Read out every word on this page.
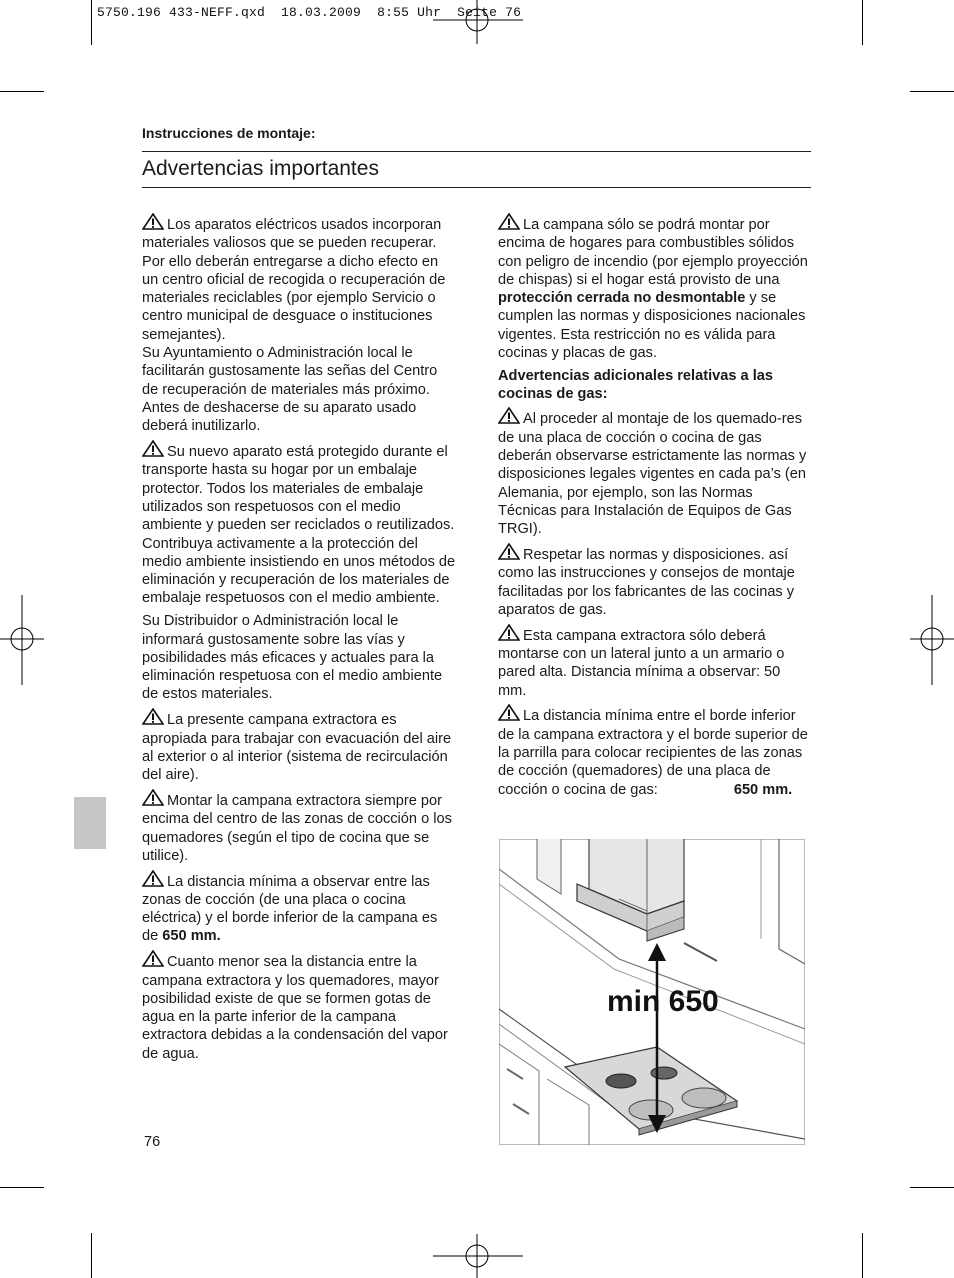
5750.196 433-NEFF.qxd 18.03.2009 8:55 Uhr Seite 76
Instrucciones de montaje:
Advertencias importantes

Los aparatos eléctricos usados incorporan materiales valiosos que se pueden recuperar. Por ello deberán entregarse a dicho efecto en un centro oficial de recogida o recuperación de materiales reciclables (por ejemplo Servicio o centro municipal de desguace o instituciones semejantes).

Su Ayuntamiento o Administración local le facilitarán gustosamente las señas del Centro de recuperación de materiales más próximo.

Antes de deshacerse de su aparato usado deberá inutilizarlo.

Su nuevo aparato está protegido durante el transporte hasta su hogar por un embalaje protector. Todos los materiales de embalaje utilizados son respetuosos con el medio ambiente y pueden ser reciclados o reutilizados. Contribuya activamente a la protección del medio ambiente insistiendo en unos métodos de eliminación y recuperación de los materiales de embalaje respetuosos con el medio ambiente.

Su Distribuidor o Administración local le informará gustosamente sobre las vías y posibilidades más eficaces y actuales para la eliminación respetuosa con el medio ambiente de estos materiales.

La presente campana extractora es apropiada para trabajar con evacuación del aire al exterior o al interior (sistema de recirculación del aire).

Montar la campana extractora siempre por encima del centro de las zonas de cocción o los quemadores (según el tipo de cocina que se utilice).

La distancia mínima a observar entre las zonas de cocción (de una placa o cocina eléctrica) y el borde inferior de la campana es de 650 mm.

Cuanto menor sea la distancia entre la campana extractora y los quemadores, mayor posibilidad existe de que se formen gotas de agua en la parte inferior de la campana extractora debidas a la condensación del vapor de agua.

La campana sólo se podrá montar por encima de hogares para combustibles sólidos con peligro de incendio (por ejemplo proyección de chispas) si el hogar está provisto de una protección cerrada no desmontable y se cumplen las normas y disposiciones nacionales vigentes. Esta restricción no es válida para cocinas y placas de gas.

Advertencias adicionales relativas a las cocinas de gas:

Al proceder al montaje de los quemado-res de una placa de cocción o cocina de gas deberán observarse estrictamente las normas y disposiciones legales vigentes en cada pa’s (en Alemania, por ejemplo, son las Normas Técnicas para Instalación de Equipos de Gas TRGI).

Respetar las normas y disposiciones. así como las instrucciones y consejos de montaje facilitadas por los fabricantes de las cocinas y aparatos de gas.

Esta campana extractora sólo deberá montarse con un lateral junto a un armario o pared alta. Distancia mínima a observar: 50 mm.

La distancia mínima entre el borde inferior de la campana extractora y el borde superior de la parrilla para colocar recipientes de las zonas de cocción (quemadores) de una placa de cocción o cocina de gas:	650 mm.

min 650
76
